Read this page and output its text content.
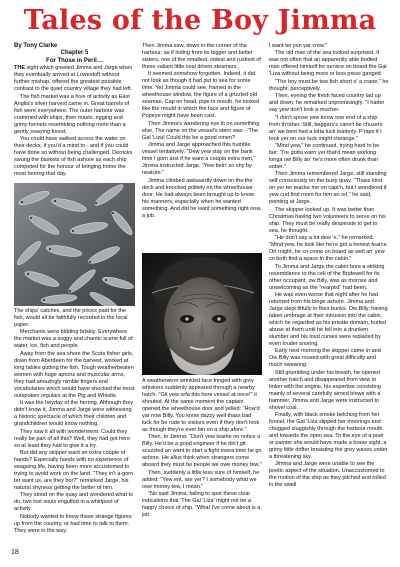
Tales of the Boy Jimma

By Tony Clarke

Chapter 5

For Those in Peril…

THE sight which greeted Jimma and Jarge when they eventually arrived at Lowestoft without further mishap, offered the greatest possible contrast to the quiet country village they had left.

The fish market was a hive of activity as East Anglia's silver harvest came in. Great barrels of fish were everywhere. The outer harbour was crammed with ships, their masts, rigging and grimy funnels resembling nothing more than a gently swaying forest.

You could have walked across the water on their decks, if you'd a mind to - and if you could have done so without being challenged. Derricks swung the baskets of fish ashore as each ship competed for the honour of bringing home the most herring that day.

The ships' catches, and the prices paid for the fish, would all be faithfully recorded in the local paper.

Merchants were bidding briskly. Everywhere the market was a soggy and chaotic scene full of water, ice, fish and people.

Away from the sea shore the Scots fisher girls, down from Aberdeen for the harvest, worked at long tables gutting the fish. Tough weatherbeaten women with huge aprons and muscular arms, they had amazingly nimble fingers and vocabularies which would have shocked the most outspoken regulars at the Pig and Whistle.

It was the heyday of the herring. Although they didn't know it, Jimma and Jarge were witnessing a historic spectacle of which their children and grandchildren would know nothing.

They saw it all with wonderment. Could they really be part of all this? Well, they had got here so at least they had to give it a try.

But did any skipper want an extra couple of hands? Especially hands with no experience of seagoing life, having been more accustomed to trying to avoid work on the land. "They in't a-gorn ter want us, are they bor?" remarked Jarge, his natural shyness getting the better of him.

They stood on the quay and wondered what to do, two lost souls engulfed in a whirlpool of activity.

Nobody wanted to know these strange figures up from the country, or had time to talk to them. They were in the way.

Then Jimma saw, down in the corner of the harbour, as if hiding from its bigger and better sisters, one of the smallest, oldest and rustiest of these valiant little coal driven steamers.

It seemed somehow forgotten. Indeed, it did not look as though it had put to sea for some time. Yet Jimma could see, framed in the wheelhouse window, the figure of a grizzled old seaman. Cap on head, pipe in mouth, he looked like the mould in which the face and figure of Popeye might have been cast.

Then Jimma's wandering eye lit on something else. The name on the vessel's stern was - 'The Gal 'Liza! Could this be a good omen?

Jimma and Jarge approached this humble vessel tentatively. "Dew yew stay on the bank time I gorn arst if he want a coupla extra men," Jimma instructed Jarge. "Yew bein' so shy by neature."

Jimma climbed awkwardly down on the the deck and knocked politely on the wheelhouse door. He had always been brought up to know his manners, especially when he wanted something. And did he want something right now, a job.

A weatherworn wrinkled face fringed with grey whiskers suddenly appeared through a nearby hatch. "Git yew orfa this here vessel at once!" it shouted. At the same moment the captain opened the wheelhouse door and yelled: "How'd yar now Billy. You know dazzy well thass bad luck fer be rude to visitors even if they don't look as though they're ever bin on a ship afore."

Then, to Jimma: "Don't yew tearke no notice a Billy. He'd be a good engineer if he din't git scuzzled an want to start a fight evera time he go ashore. He allus think when strangers come aboard they must be people we owe money tew."

Then, suddenly a little less sure of himself, he added: "Yew ent, are yer? I somebody what we owe money tew, I mean."

"No said Jimma, failing to spot these clear indications that 'The Gal 'Liza' might not be a happy choice of ship. "What I've come about is a job.

I want ter join yar crew."

The old man of the sea looked surprised. It was not often that an apparently able bodied man offered himself for service on board the Gal 'Liza without being more or less press ganged.

"The boy must be tew fish short o' a crane," he thought, perceptively.

Then, eyeing the fresh faced country lad up and down, he remarked unpromisingly: "I hatter say yew don't look a mucher.

"I don't spose yew know one end of a ship from th'other. Still, beggars's cann't be chusers an' we bent hed a lotta luck learlerly. P'raps if I took yer on our luck might cheange."

"Mind yew," he continued, trying hard to be fair: "I're gotta warn yer that'd mean working longa ow Billy an' he's more often drunk than sober."

Then Jimma remembered Jarge, still standing self consciously on the busy quay. "Thass kind on yer ter teacke me on capt'n, but I wondered if yew cud find room for him an orl," he said, pointing at Jarge.

The skipper looked up. It was better than Christmas having two volunteers to serve on his ship. They must be really desperate to get to sea, he thought.

"He dun't say a lot dew 'e," he remarked. "Mind yew, he look like he're got a honest fearce. Orl roight, he cn come on board as well an' yew cn both find a space in the cabin."

To Jimma and Jarge the cabin bore a striking resemblance to the cell of the Bridewell for its other occupant, ow Billy, was as morose and unwelcoming as the "rearpist" had been.

He was even worse that night after he had returned from his binge ashore. Jimma and Jarge slept fitfully in their bunks. Ow Billy, having taken umbrage at their intrusion into the cabin, which he regarded as his private domain, hurled abuse at them until he fell into a drunken slumber and his loud curses were replaced by even louder snoring.

Early next morning the skipper came in and Ow Billy was roused with great difficulty and much swearing.

Still grumbling under his breath, he opened another hatch and disappeared from view to tinker with the engine, his expertise consisting mainly of several carefully aimed blows with a hammer. Jimma and Jarge were instructed to shovel coal.

Finally, with black smoke belching from her funnel, the Gal 'Liza slipped her moorings and chugged sluggishly through the harbour mouth and towards the open sea. To the eye of a poet or painter she would have made a brave sight, a grimy little drifter breasting the grey waves under a threatening sky.

Jimma and Jarge were unable to see the poetic aspect of the situation. Unaccustomed to the motion of the ship as they pitched and rolled in the swell

18
